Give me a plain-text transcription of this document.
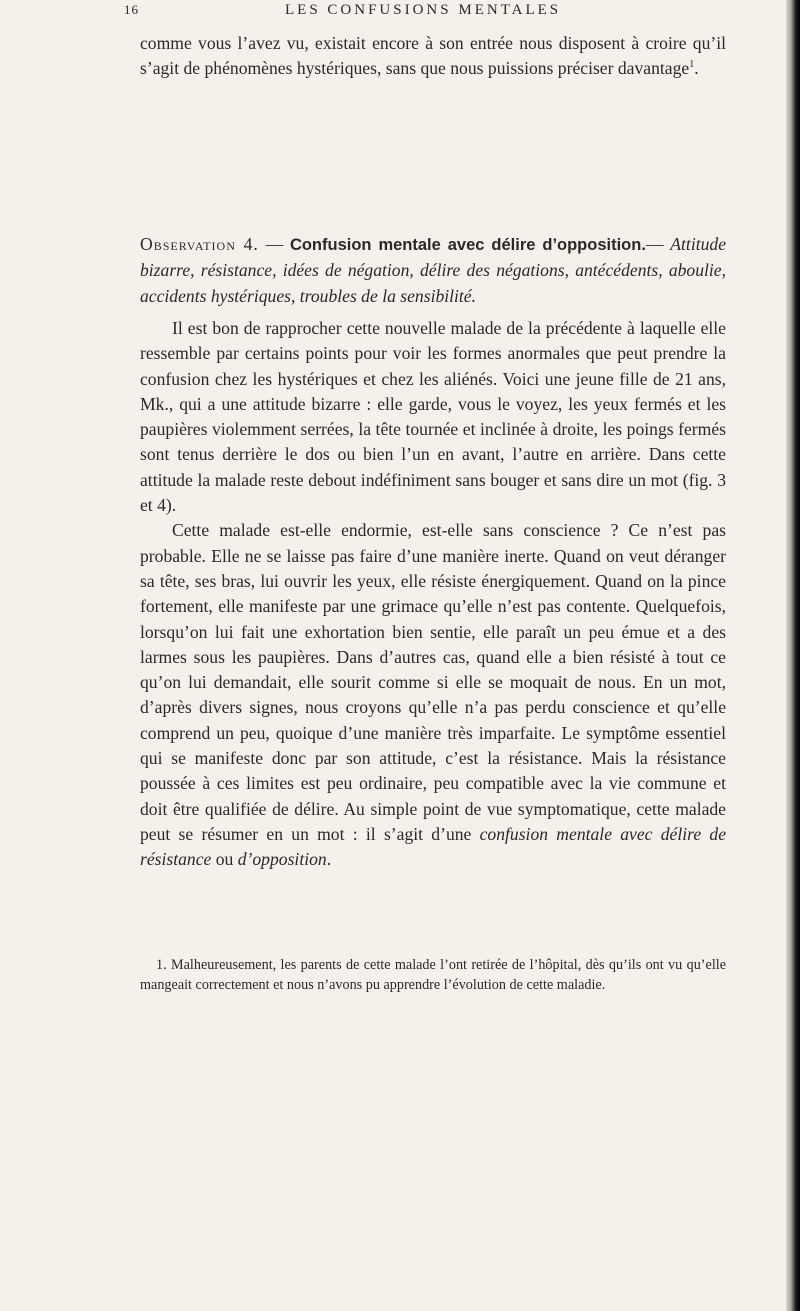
16	LES CONFUSIONS MENTALES

comme vous l’avez vu, existait encore à son entrée nous disposent à croire qu’il s’agit de phénomènes hystériques, sans que nous puissions préciser davantage$^1$.

Observation 4. — Confusion mentale avec délire d’opposition.— Attitude bizarre, résistance, idées de négation, délire des négations, antécédents, aboulie, accidents hystériques, troubles de la sensibilité.

Il est bon de rapprocher cette nouvelle malade de la précédente à laquelle elle ressemble par certains points pour voir les formes anormales que peut prendre la confusion chez les hystériques et chez les aliénés. Voici une jeune fille de 21 ans, Mk., qui a une attitude bizarre : elle garde, vous le voyez, les yeux fermés et les paupières violemment serrées, la tête tournée et inclinée à droite, les poings fermés sont tenus derrière le dos ou bien l’un en avant, l’autre en arrière. Dans cette attitude la malade reste debout indéfiniment sans bouger et sans dire un mot (fig. 3 et 4).

Cette malade est-elle endormie, est-elle sans conscience ? Ce n’est pas probable. Elle ne se laisse pas faire d’une manière inerte. Quand on veut déranger sa tête, ses bras, lui ouvrir les yeux, elle résiste énergiquement. Quand on la pince fortement, elle manifeste par une grimace qu’elle n’est pas contente. Quelquefois, lorsqu’on lui fait une exhortation bien sentie, elle paraît un peu émue et a des larmes sous les paupières. Dans d’autres cas, quand elle a bien résisté à tout ce qu’on lui demandait, elle sourit comme si elle se moquait de nous. En un mot, d’après divers signes, nous croyons qu’elle n’a pas perdu conscience et qu’elle comprend un peu, quoique d’une manière très imparfaite. Le symptôme essentiel qui se manifeste donc par son attitude, c’est la résistance. Mais la résistance poussée à ces limites est peu ordinaire, peu compatible avec la vie commune et doit être qualifiée de délire. Au simple point de vue symptomatique, cette malade peut se résumer en un mot : il s’agit d’une confusion mentale avec délire de résistance ou d’opposition.

1. Malheureusement, les parents de cette malade l’ont retirée de l’hôpital, dès qu’ils ont vu qu’elle mangeait correctement et nous n’avons pu apprendre l’évolution de cette maladie.
